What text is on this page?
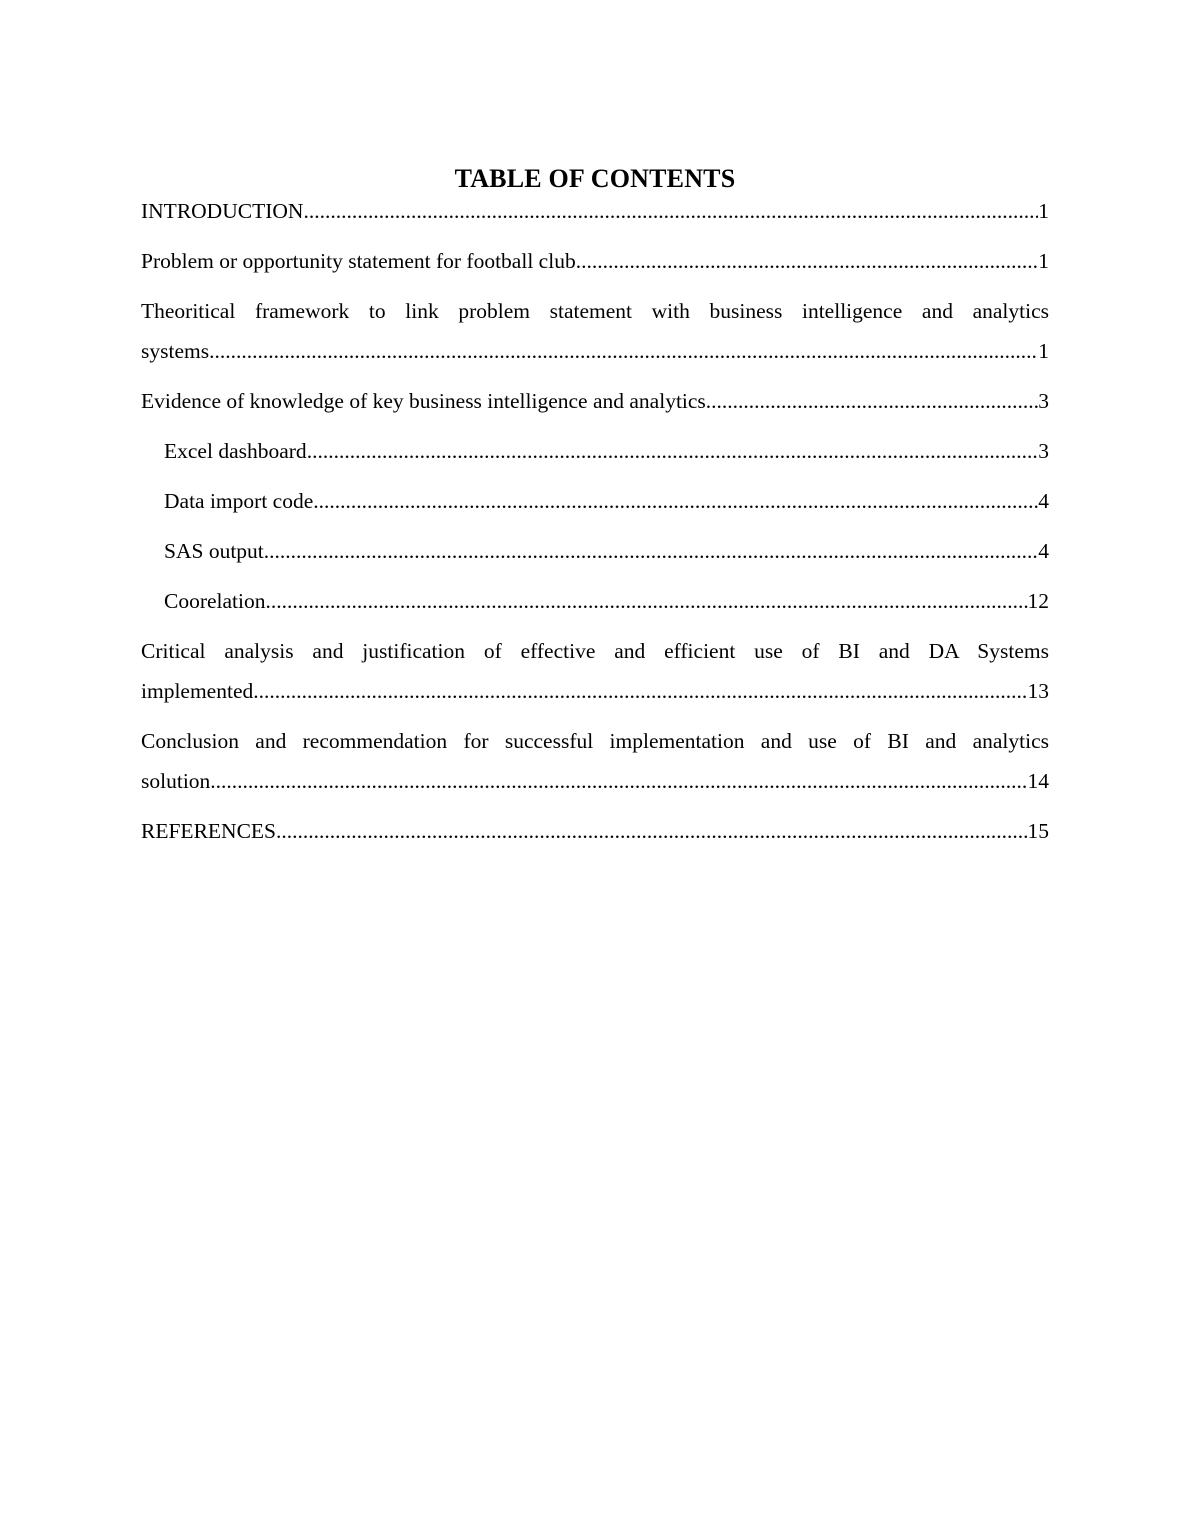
TABLE OF CONTENTS
INTRODUCTION .....	1
Problem or opportunity statement for football club .....	1
Theoritical framework to link problem statement with business intelligence and analytics
systems .....	1
Evidence of knowledge of key business intelligence and analytics .....	3
Excel dashboard .....	3
Data import code .....	4
SAS output .....	4
Coorelation .....	12
Critical analysis and justification of effective and efficient use of BI and DA Systems
implemented .....	13
Conclusion and recommendation for successful implementation and use of BI and analytics
solution .....	14
REFERENCES .....	15
